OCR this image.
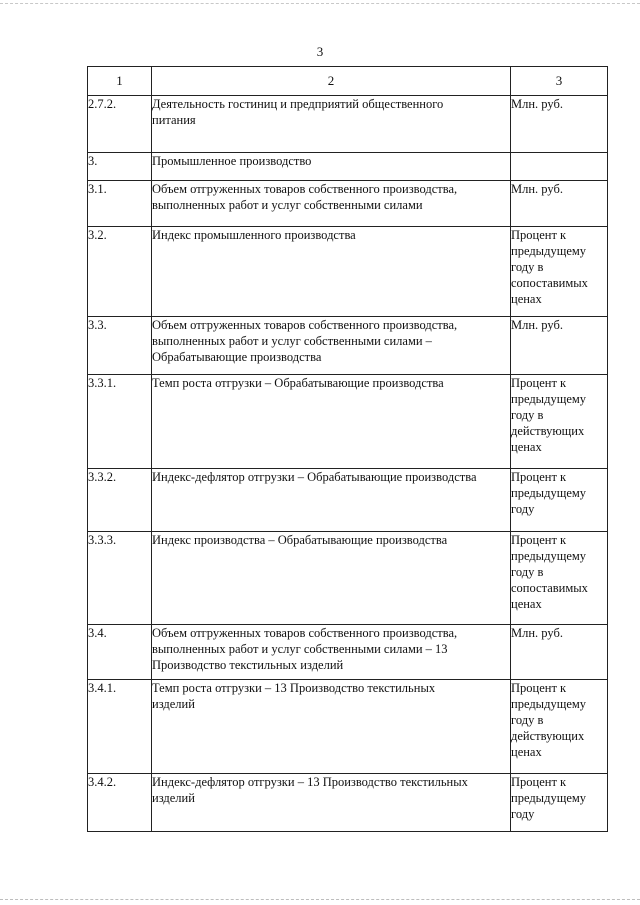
3
1	2	3
2.7.2.	Деятельность гостиниц и предприятий общественного
питания	Млн. руб.

3.	Промышленное производство	

3.1.	Объем отгруженных товаров собственного производства,
выполненных работ и услуг собственными силами	Млн. руб.

3.2.	Индекс промышленного производства	Процент к
предыдущему
году в
сопоставимых
ценах

3.3.	Объем отгруженных товаров собственного производства,
выполненных работ и услуг собственными силами –
Обрабатывающие производства	Млн. руб.

3.3.1.	Темп роста отгрузки – Обрабатывающие производства	Процент к
предыдущему
году в
действующих
ценах

3.3.2.	Индекс-дефлятор отгрузки – Обрабатывающие производства	Процент к
предыдущему
году

3.3.3.	Индекс производства – Обрабатывающие производства	Процент к
предыдущему
году в
сопоставимых
ценах

3.4.	Объем отгруженных товаров собственного производства,
выполненных работ и услуг собственными силами – 13
Производство текстильных изделий	Млн. руб.

3.4.1.	Темп роста отгрузки – 13 Производство текстильных
изделий	Процент к
предыдущему
году в
действующих
ценах

3.4.2.	Индекс-дефлятор отгрузки – 13 Производство текстильных
изделий	Процент к
предыдущему
году
